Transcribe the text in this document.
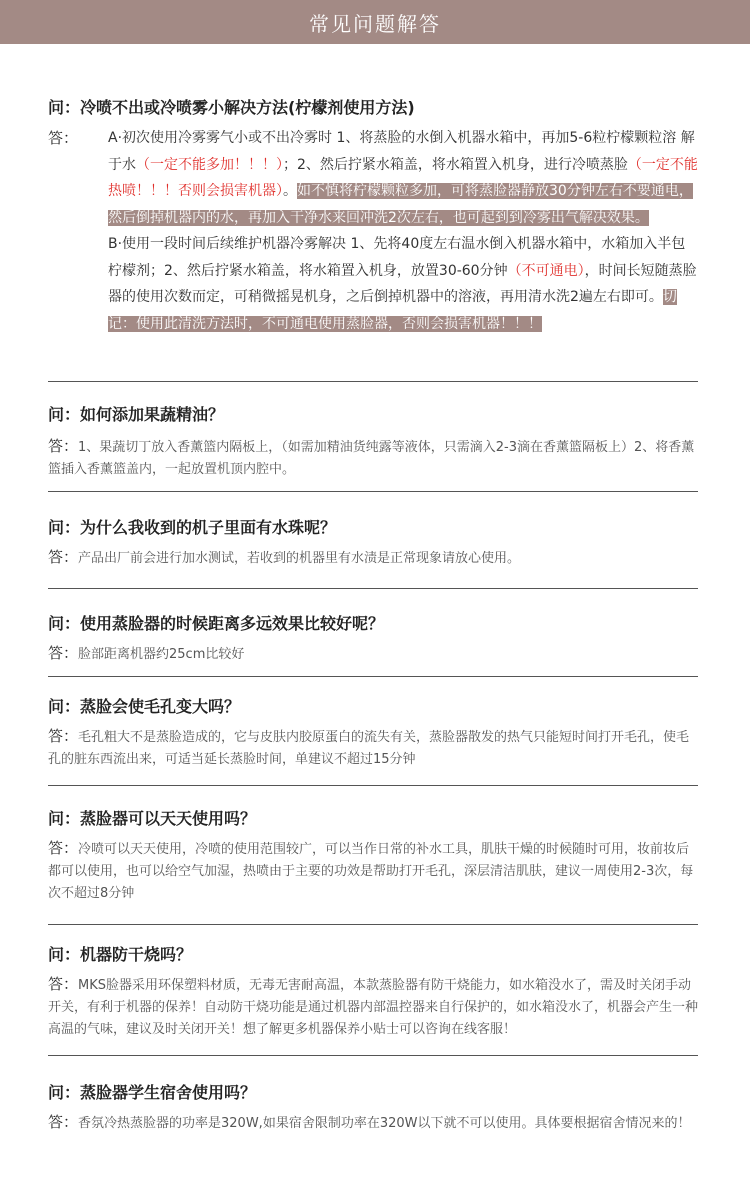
常见问题解答
问：冷喷不出或冷喷雾小解决方法(柠檬剂使用方法)
答：	A·初次使用冷雾雾气小或不出冷雾时 1、将蒸脸的水倒入机器水箱中，再加5-6粒柠檬颗粒溶 解于水（一定不能多加！！！）；2、然后拧紧水箱盖，将水箱置入机身，进行冷喷蒸脸（一定不能热喷！！！否则会损害机器）。如不慎将柠檬颗粒多加，可将蒸脸器静放30分钟左右不要通电，然后倒掉机器内的水，再加入干净水来回冲洗2次左右，也可起到到冷雾出气解决效果。
B·使用一段时间后续维护机器冷雾解决 1、先将40度左右温水倒入机器水箱中，水箱加入半包柠檬剂；2、然后拧紧水箱盖，将水箱置入机身，放置30-60分钟（不可通电），时间长短随蒸脸器的使用次数而定，可稍微摇晃机身，之后倒掉机器中的溶液，再用清水洗2遍左右即可。切记：使用此清洗方法时，不可通电使用蒸脸器，否则会损害机器！！！
问：如何添加果蔬精油？
答：1、果蔬切丁放入香薰篮内隔板上，（如需加精油货纯露等液体，只需滴入2-3滴在香薰篮隔板上）2、将香薰篮插入香薰篮盖内，一起放置机顶内腔中。
问：为什么我收到的机子里面有水珠呢？
答：产品出厂前会进行加水测试，若收到的机器里有水渍是正常现象请放心使用。
问：使用蒸脸器的时候距离多远效果比较好呢？
答：脸部距离机器约25cm比较好
问：蒸脸会使毛孔变大吗？
答：毛孔粗大不是蒸脸造成的，它与皮肤内胶原蛋白的流失有关，蒸脸器散发的热气只能短时间打开毛孔，使毛孔的脏东西流出来，可适当延长蒸脸时间，单建议不超过15分钟
问：蒸脸器可以天天使用吗？
答：冷喷可以天天使用，冷喷的使用范围较广，可以当作日常的补水工具，肌肤干燥的时候随时可用，妆前妆后都可以使用，也可以给空气加湿，热喷由于主要的功效是帮助打开毛孔，深层清洁肌肤，建议一周使用2-3次，每次不超过8分钟
问：机器防干烧吗？
答：MKS脸器采用环保塑料材质，无毒无害耐高温，本款蒸脸器有防干烧能力，如水箱没水了，需及时关闭手动开关，有利于机器的保养！自动防干烧功能是通过机器内部温控器来自行保护的，如水箱没水了，机器会产生一种高温的气味，建议及时关闭开关！想了解更多机器保养小贴士可以咨询在线客服！
问：蒸脸器学生宿舍使用吗？
答：香氛冷热蒸脸器的功率是320W,如果宿舍限制功率在320W以下就不可以使用。具体要根据宿舍情况来的！
